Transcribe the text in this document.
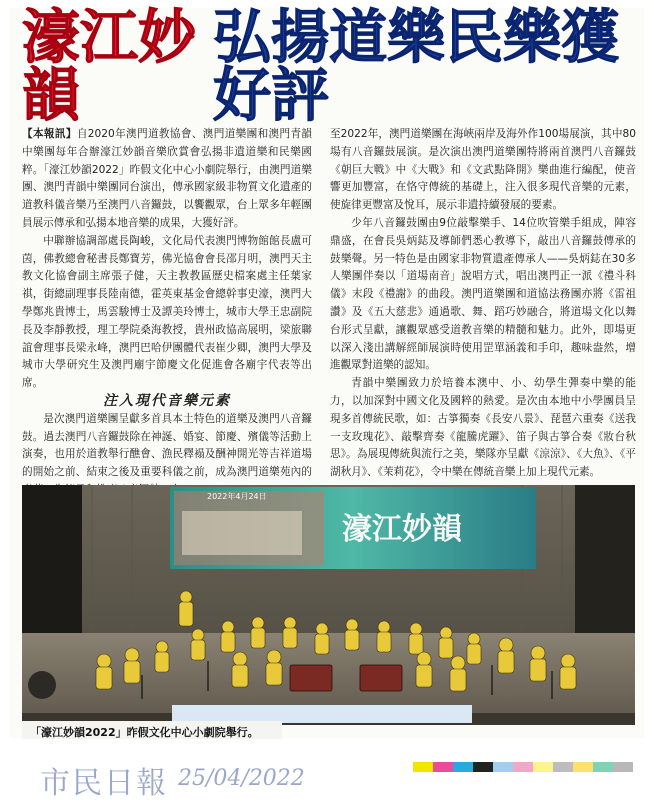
濠江妙韻
弘揚道樂民樂獲好評

【本報訊】自2020年澳門道教協會、澳門道樂團和澳門青韻中樂團每年合辦濠江妙韻音樂欣賞會弘揚非遺道樂和民樂國粹。「濠江妙韻2022」昨假文化中心小劇院舉行，由澳門道樂團、澳門青韻中樂團同台演出，傳承國家級非物質文化遺產的道教科儀音樂乃至澳門八音鑼鼓，以饗觀眾，台上眾多年輕團員展示傳承和弘揚本地音樂的成果，大獲好評。

中聯辦協調部處長陶峻，文化局代表澳門博物館館長盧可茵，佛教總會秘書長鄭寶芳，佛光協會會長邵月明，澳門天主教文化協會副主席張子健，天主教教區歷史檔案處主任葉家祺，街總副理事長陸南德，霍英東基金會總幹事史濠，澳門大學鄭兆貴博士，馬雲駿博士及譚美玲博士，城市大學王忠副院長及李靜教授，理工學院桑海教授，貴州政協高展明，梁旅聯誼會理事長梁永峰，澳門巴哈伊團體代表崔少卿，澳門大學及城市大學研究生及澳門廟宇節慶文化促進會各廟宇代表等出席。

注入現代音樂元素

是次澳門道樂團呈獻多首具本土特色的道樂及澳門八音鑼鼓。過去澳門八音鑼鼓除在神誕、婚宴、節慶、殯儀等活動上演奏，也用於道教舉行醮會、漁民釋褟及酬神開光等吉祥道場的開始之前、結束之後及重要科儀之前，成為澳門道樂苑內的

至2022年，澳門道樂團在海峽兩岸及海外作100場展演，其中80場有八音鑼鼓展演。是次演出澳門道樂團特將兩首澳門八音鑼鼓《朝巨大戰》中《大戰》和《文武點降開》樂曲進行編配，使音響更加豐富，在恪守傳統的基礎上，注入很多現代音樂的元素，使旋律更豐富及悅耳，展示非遺持續發展的要素。

少年八音鑼鼓團由9位敲擊樂手、14位吹管樂手組成，陣容鼎盛，在會長吳炳鋕及導師們悉心教導下，敲出八音鑼鼓傳承的鼓樂聲。另一特色是由國家非物質遺產傳承人——吳炳鋕在30多人樂團伴奏以「道場南音」說唱方式，唱出澳門正一派《禮斗科儀》末段《禮謝》的曲段。澳門道樂團和道協法務團亦將《雷祖讚》及《五大慈悲》通過歌、舞、蹈巧妙融合，將道場文化以舞台形式呈獻，讓觀眾感受道教音樂的精髓和魅力。此外，即場更以深入淺出講解經師展演時使用罡單涵義和手印，趣味盎然，增進觀眾對道樂的認知。

青韻中樂團致力於培養本澳中、小、幼學生彈奏中樂的能力，以加深對中國文化及國粹的熱愛。是次由本地中小學團員呈現多首傳統民歌，如：古箏獨奏《長安八景》、琵琶六重奏《送我一支玫瑰花》、敲擊齊奏《龍騰虎躍》、笛子與古箏合奏《妝台秋思》。為展現傳統與流行之美，樂隊亦呈獻《涼涼》、《大魚》、《平湖秋月》、《茉莉花》，令中樂在傳統音樂上加上現代元素。

2022年4月24日
濠江妙韻
「濠江妙韻2022」昨假文化中心小劇院舉行。
市民日報 25/04/2022
